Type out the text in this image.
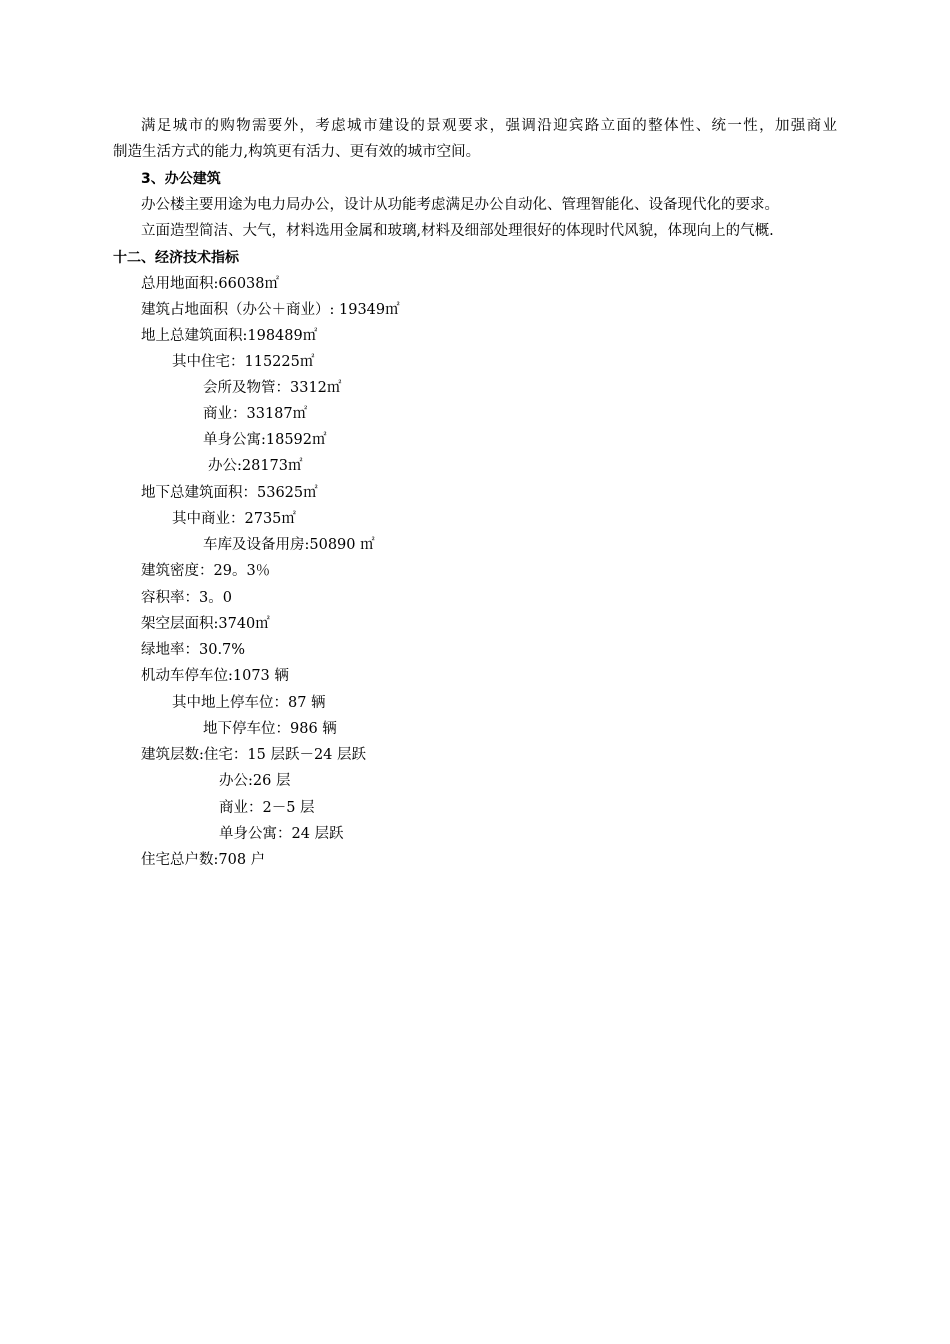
满足城市的购物需要外，考虑城市建设的景观要求，强调沿迎宾路立面的整体性、统一性，加强商业
制造生活方式的能力,构筑更有活力、更有效的城市空间。
3、办公建筑
办公楼主要用途为电力局办公，设计从功能考虑满足办公自动化、管理智能化、设备现代化的要求。
立面造型简洁、大气，材料选用金属和玻璃,材料及细部处理很好的体现时代风貌，体现向上的气概.
十二、经济技术指标
总用地面积:66038㎡
建筑占地面积（办公＋商业）: 19349㎡
地上总建筑面积:198489㎡
其中住宅：115225㎡
会所及物管：3312㎡
商业：33187㎡
单身公寓:18592㎡
办公:28173㎡
地下总建筑面积：53625㎡
其中商业：2735㎡
车库及设备用房:50890 ㎡
建筑密度：29。3％
容积率：3。0
架空层面积:3740㎡
绿地率：30.7%
机动车停车位:1073 辆
其中地上停车位：87 辆
地下停车位：986 辆
建筑层数:住宅：15 层跃－24 层跃
办公:26 层
商业：2－5 层
单身公寓：24 层跃
住宅总户数:708 户
